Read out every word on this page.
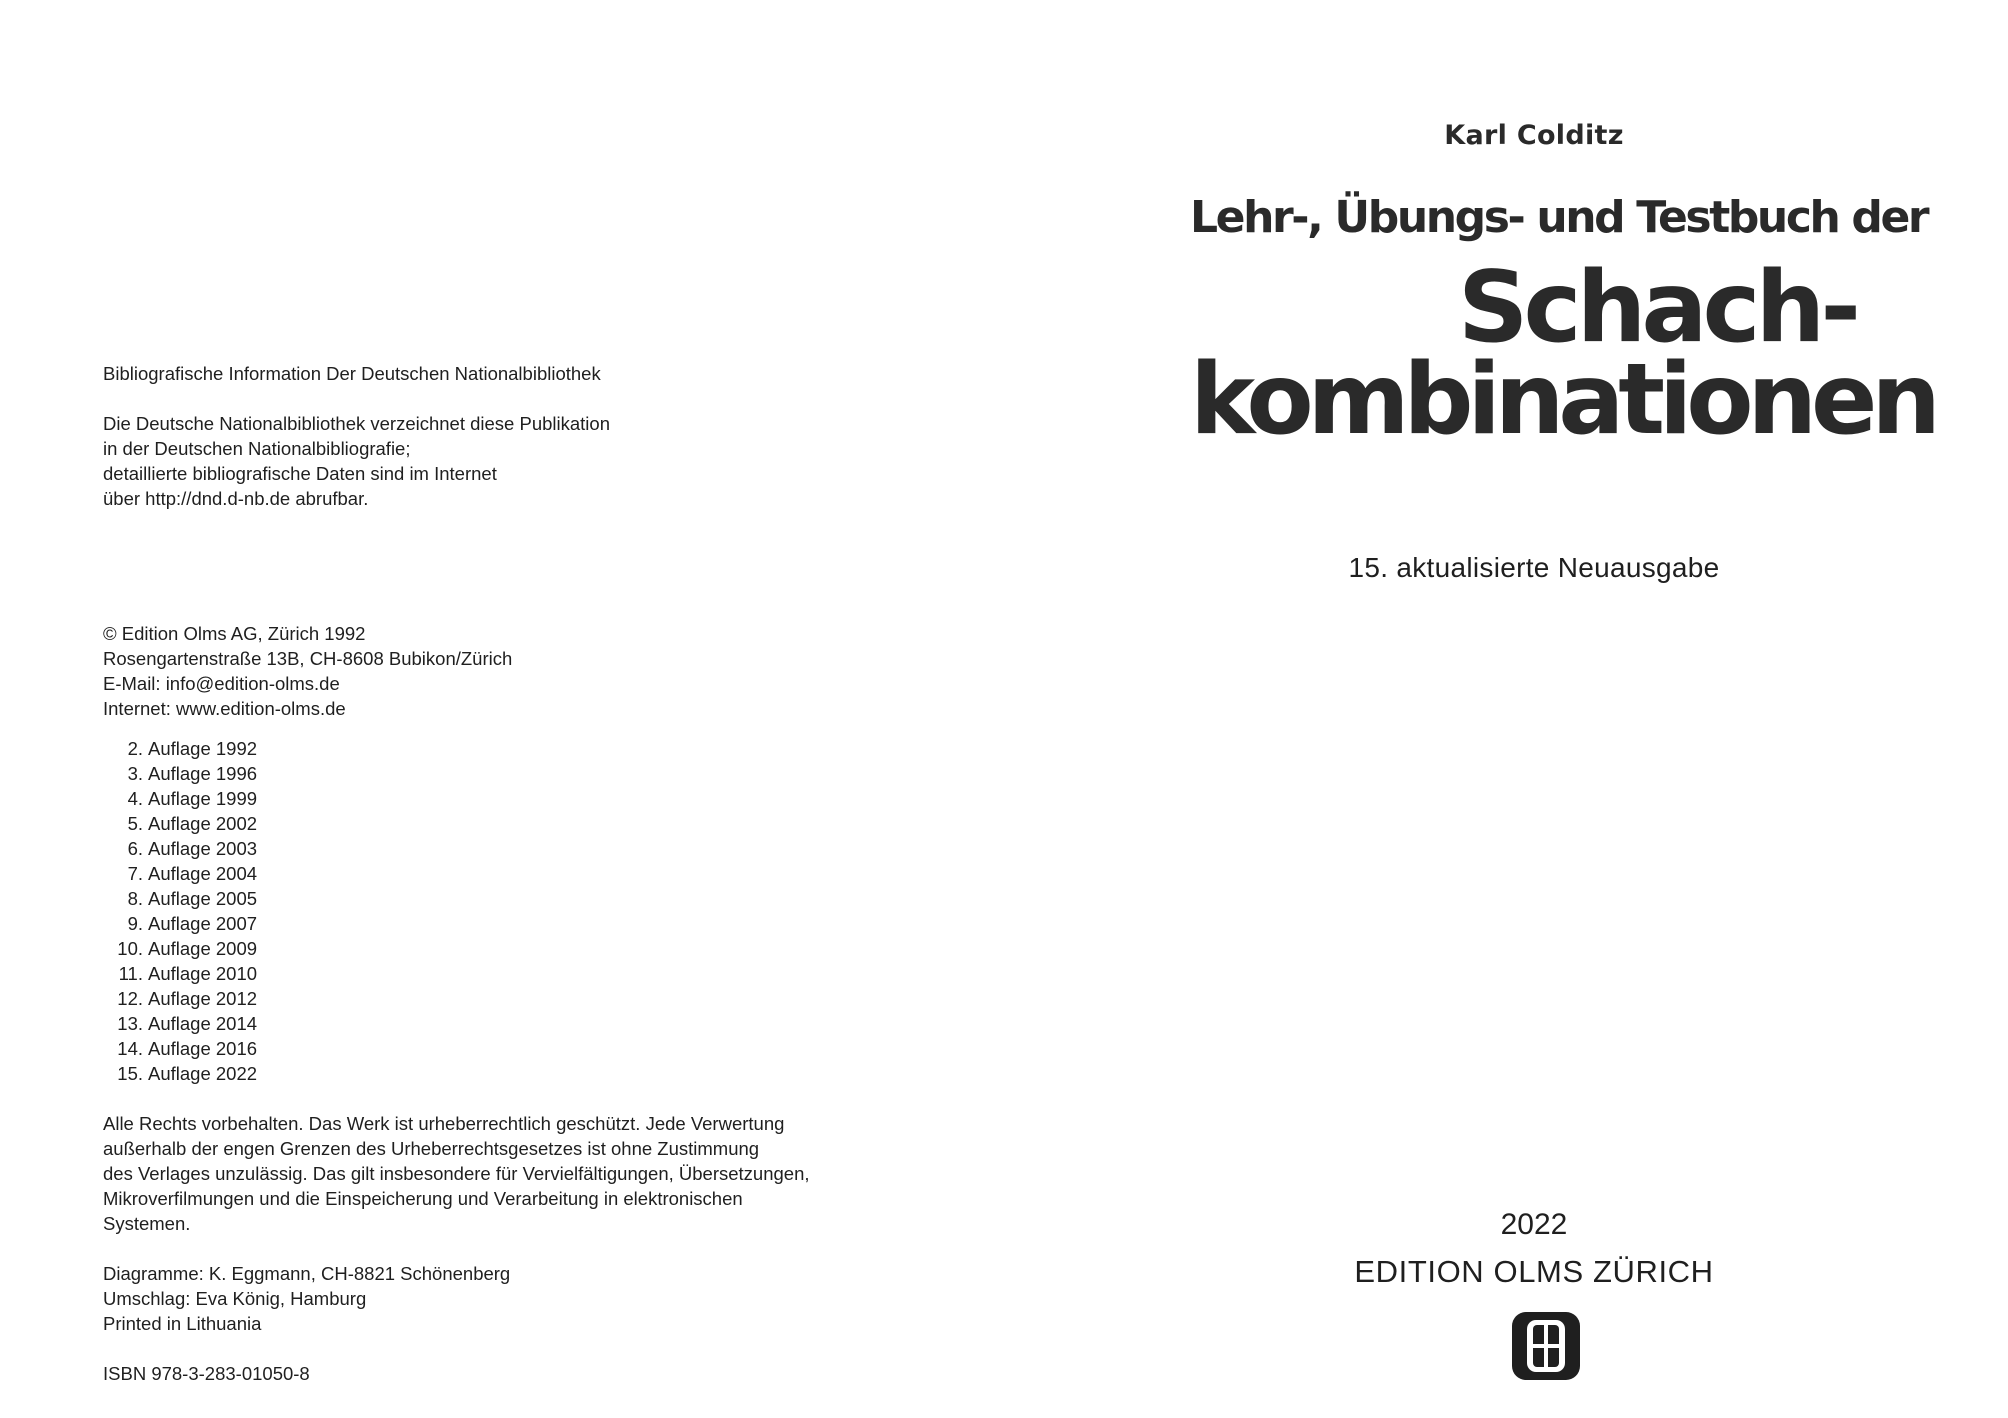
Bibliografische Information Der Deutschen Nationalbibliothek

Die Deutsche Nationalbibliothek verzeichnet diese Publikation

in der Deutschen Nationalbibliografie;

detaillierte bibliografische Daten sind im Internet

über http://dnd.d-nb.de abrufbar.

© Edition Olms AG, Zürich 1992

Rosengartenstraße 13B, CH-8608 Bubikon/Zürich

E-Mail: info@edition-olms.de

Internet: www.edition-olms.de

2. Auflage 1992
3. Auflage 1996
4. Auflage 1999
5. Auflage 2002
6. Auflage 2003
7. Auflage 2004
8. Auflage 2005
9. Auflage 2007
10. Auflage 2009
11. Auflage 2010
12. Auflage 2012
13. Auflage 2014
14. Auflage 2016
15. Auflage 2022

Alle Rechts vorbehalten. Das Werk ist urheberrechtlich geschützt. Jede Verwertung

außerhalb der engen Grenzen des Urheberrechtsgesetzes ist ohne Zustimmung

des Verlages unzulässig. Das gilt insbesondere für Vervielfältigungen, Übersetzungen,

Mikroverfilmungen und die Einspeicherung und Verarbeitung in elektronischen

Systemen.

Diagramme: K. Eggmann, CH-8821 Schönenberg

Umschlag: Eva König, Hamburg

Printed in Lithuania

ISBN 978-3-283-01050-8

Karl Colditz
Lehr-, Übungs- und Testbuch der
Schach-
kombinationen
15. aktualisierte Neuausgabe
2022
EDITION OLMS ZÜRICH
